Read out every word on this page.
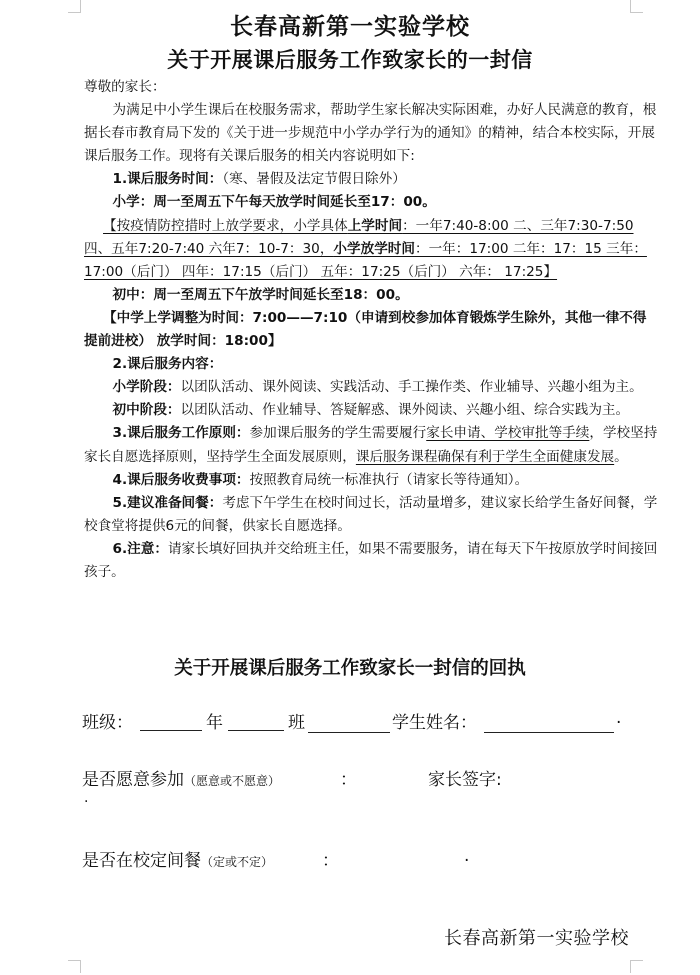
长春高新第一实验学校
关于开展课后服务工作致家长的一封信

尊敬的家长：

为满足中小学生课后在校服务需求，帮助学生家长解决实际困难，办好人民满意的教育，根据长春市教育局下发的《关于进一步规范中小学办学行为的通知》的精神，结合本校实际，开展课后服务工作。现将有关课后服务的相关内容说明如下:

1.课后服务时间：（寒、暑假及法定节假日除外）

小学：周一至周五下午每天放学时间延长至17：00。

【按疫情防控措时上放学要求，小学具体上学时间：一年7:40-8:00 二、三年7:30-7:50 四、五年7:20-7:40 六年7：10-7：30，小学放学时间：一年：17:00 二年：17：15 三年：17:00（后门） 四年：17:15（后门） 五年：17:25（后门） 六年： 17:25】

初中：周一至周五下午放学时间延长至18：00。

【中学上学调整为时间：7:00——7:10（申请到校参加体育锻炼学生除外，其他一律不得提前进校） 放学时间：18:00】

2.课后服务内容：

小学阶段：以团队活动、课外阅读、实践活动、手工操作类、作业辅导、兴趣小组为主。

初中阶段：以团队活动、作业辅导、答疑解惑、课外阅读、兴趣小组、综合实践为主。

3.课后服务工作原则：参加课后服务的学生需要履行家长申请、学校审批等手续，学校坚持家长自愿选择原则，坚持学生全面发展原则，课后服务课程确保有利于学生全面健康发展。

4.课后服务收费事项：按照教育局统一标准执行（请家长等待通知）。

5.建议准备间餐：考虑下午学生在校时间过长，活动量增多，建议家长给学生备好间餐，学校食堂将提供6元的间餐，供家长自愿选择。

6.注意：请家长填好回执并交给班主任，如果不需要服务，请在每天下午按原放学时间接回孩子。

关于开展课后服务工作致家长一封信的回执
班级：	年	班	学生姓名：	.
是否愿意参加（愿意或不愿意）	：	家长签字:
.
是否在校定间餐（定或不定）	：	.
长春高新第一实验学校
